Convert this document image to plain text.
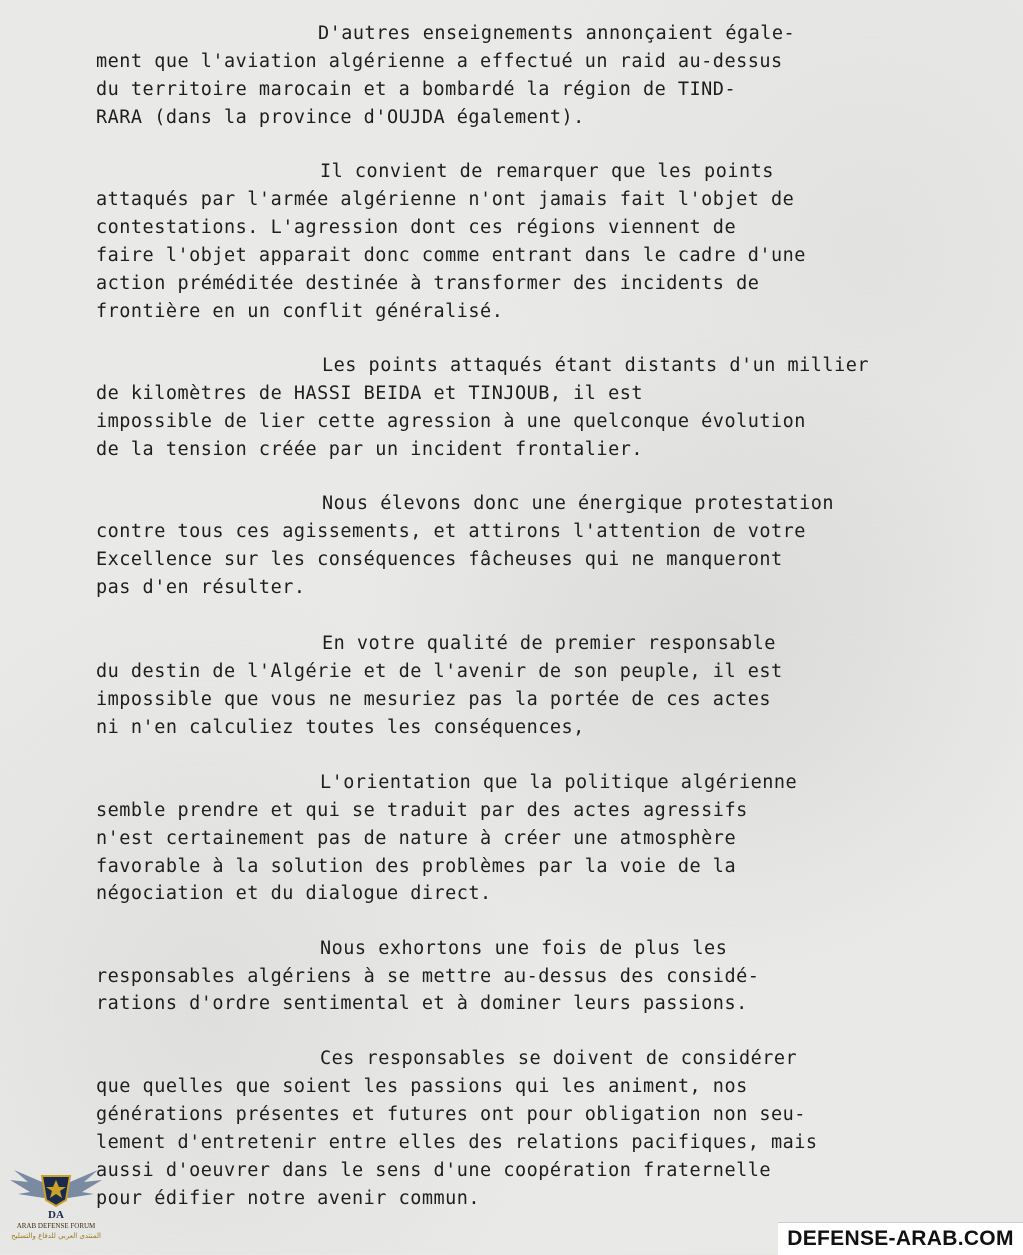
D'autres enseignements annonçaient égale-
ment que l'aviation algérienne a effectué un raid au-dessus
du territoire marocain et a bombardé la région de TIND-
RARA (dans la province d'OUJDA également).
Il convient de remarquer que les points
attaqués par l'armée algérienne n'ont jamais fait l'objet de
contestations. L'agression dont ces régions viennent de
faire l'objet apparait donc comme entrant dans le cadre d'une
action préméditée destinée à transformer des incidents de
frontière en un conflit généralisé.
Les points attaqués étant distants d'un millier
de kilomètres de HASSI BEIDA et TINJOUB, il est
impossible de lier cette agression à une quelconque évolution
de la tension créée par un incident frontalier.
Nous élevons donc une énergique protestation
contre tous ces agissements, et attirons l'attention de votre
Excellence sur les conséquences fâcheuses qui ne manqueront
pas d'en résulter.
En votre qualité de premier responsable
du destin de l'Algérie et de l'avenir de son peuple, il est
impossible que vous ne mesuriez pas la portée de ces actes
ni n'en calculiez toutes les conséquences,
L'orientation que la politique algérienne
semble prendre et qui se traduit par des actes agressifs
n'est certainement pas de nature à créer une atmosphère
favorable à la solution des problèmes par la voie de la
négociation et du dialogue direct.
Nous exhortons une fois de plus les
responsables algériens à se mettre au-dessus des considé-
rations d'ordre sentimental et à dominer leurs passions.
Ces responsables se doivent de considérer
que quelles que soient les passions qui les animent, nos
générations présentes et futures ont pour obligation non seu-
lement d'entretenir entre elles des relations pacifiques, mais
aussi d'oeuvrer dans le sens d'une coopération fraternelle
pour édifier notre avenir commun.
DA
ARAB DEFENSE FORUM
المنتدى العربي للدفاع والتسليح	DEFENSE-ARAB.COM
